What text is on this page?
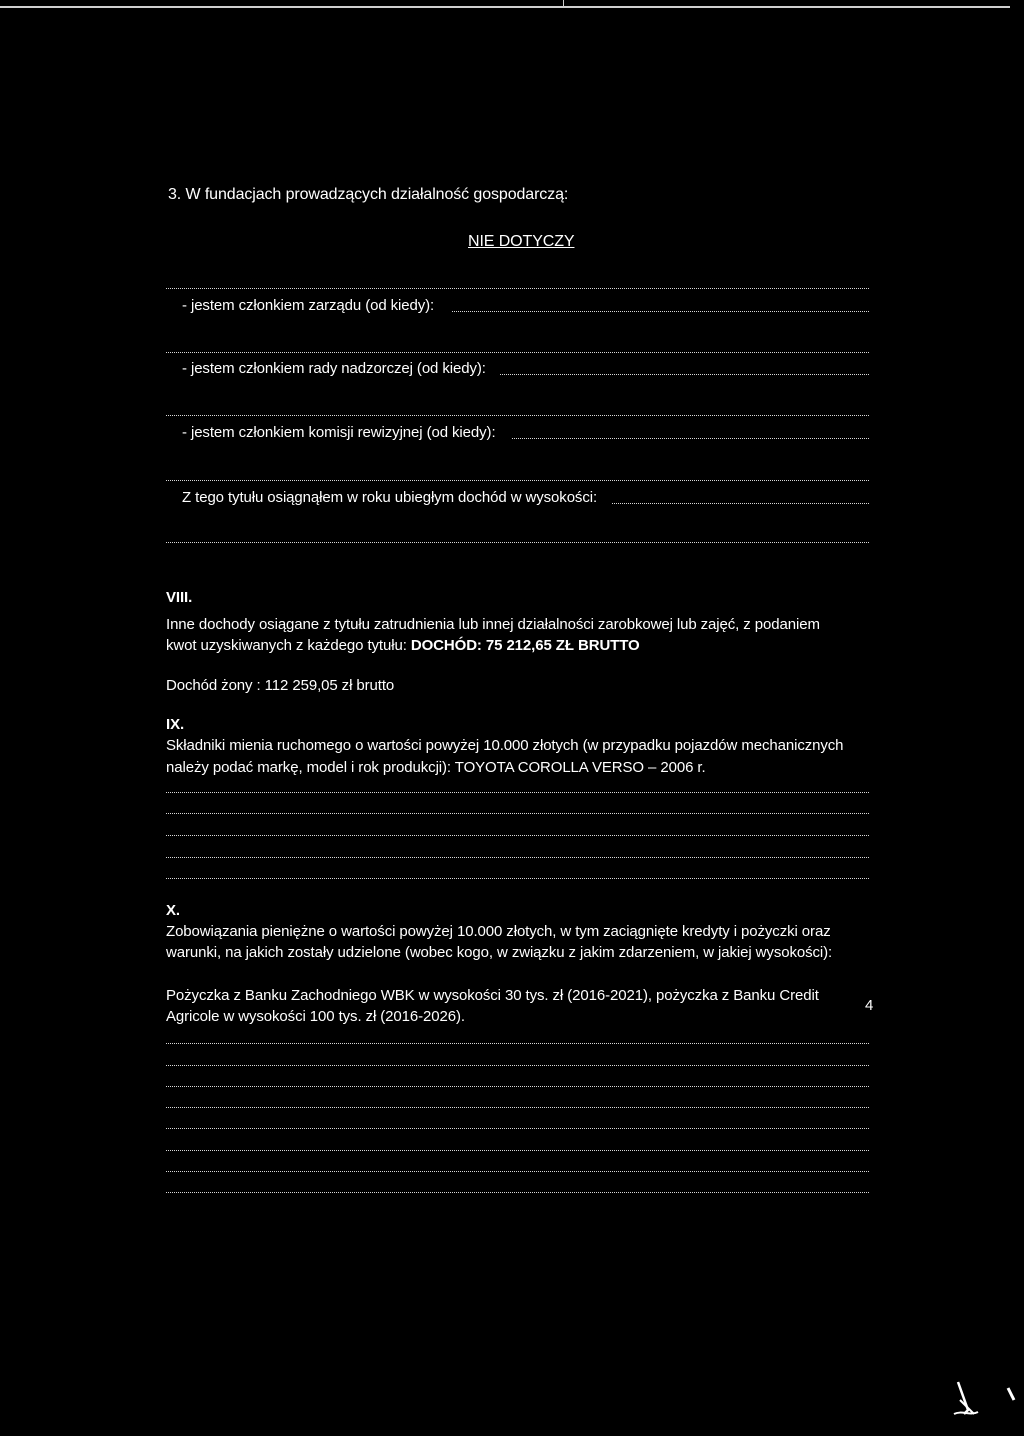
3. W fundacjach prowadzących działalność gospodarczą:
NIE DOTYCZY
- jestem członkiem zarządu (od kiedy):
- jestem członkiem rady nadzorczej (od kiedy):
- jestem członkiem komisji rewizyjnej (od kiedy):
Z tego tytułu osiągnąłem w roku ubiegłym dochód w wysokości:
VIII.
Inne dochody osiągane z tytułu zatrudnienia lub innej działalności zarobkowej lub zajęć, z podaniem
kwot uzyskiwanych z każdego tytułu: DOCHÓD: 75 212,65 ZŁ BRUTTO
Dochód żony : 112 259,05 zł brutto
IX.
Składniki mienia ruchomego o wartości powyżej 10.000 złotych (w przypadku pojazdów mechanicznych
należy podać markę, model i rok produkcji): TOYOTA COROLLA VERSO – 2006 r.
X.
Zobowiązania pieniężne o wartości powyżej 10.000 złotych, w tym zaciągnięte kredyty i pożyczki oraz
warunki, na jakich zostały udzielone (wobec kogo, w związku z jakim zdarzeniem, w jakiej wysokości):
Pożyczka z Banku Zachodniego WBK w wysokości 30 tys. zł (2016-2021), pożyczka z Banku Credit
Agricole w wysokości 100 tys. zł (2016-2026).
4
